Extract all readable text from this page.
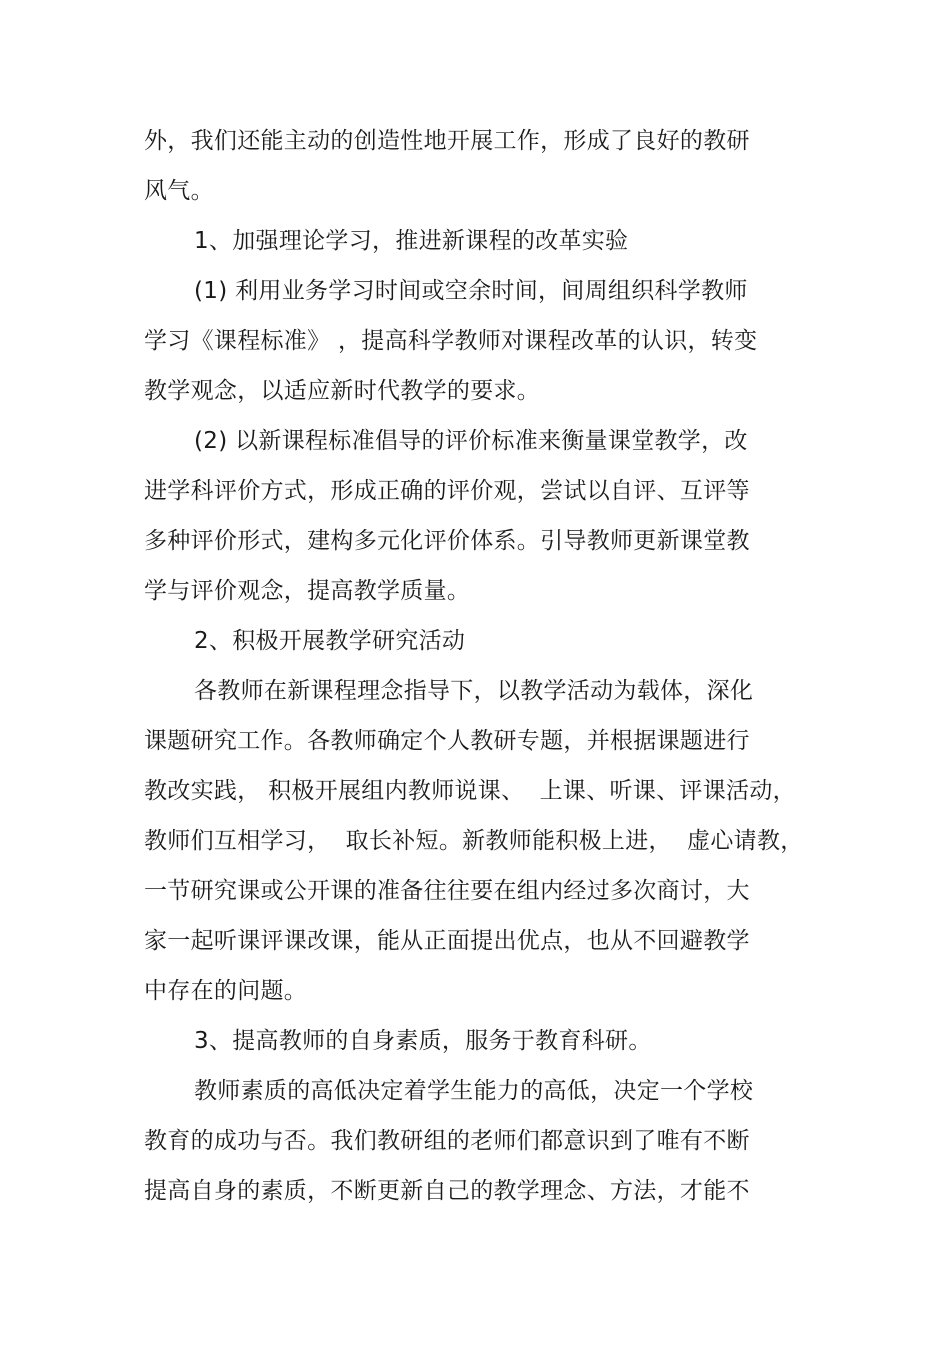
外，我们还能主动的创造性地开展工作，形成了良好的教研
风气。
1、加强理论学习，推进新课程的改革实验
(1) 利用业务学习时间或空余时间，间周组织科学教师
学习《课程标准》 ，提高科学教师对课程改革的认识，转变
教学观念，以适应新时代教学的要求。
(2) 以新课程标准倡导的评价标准来衡量课堂教学，改
进学科评价方式，形成正确的评价观，尝试以自评、互评等
多种评价形式，建构多元化评价体系。引导教师更新课堂教
学与评价观念，提高教学质量。
2、积极开展教学研究活动
各教师在新课程理念指导下，以教学活动为载体，深化
课题研究工作。各教师确定个人教研专题，并根据课题进行
教改实践， 积极开展组内教师说课、  上课、听课、评课活动，
教师们互相学习，  取长补短。新教师能积极上进，  虚心请教，
一节研究课或公开课的准备往往要在组内经过多次商讨，大
家一起听课评课改课，能从正面提出优点，也从不回避教学
中存在的问题。
3、提高教师的自身素质，服务于教育科研。
教师素质的高低决定着学生能力的高低，决定一个学校
教育的成功与否。我们教研组的老师们都意识到了唯有不断
提高自身的素质，不断更新自己的教学理念、方法，才能不
